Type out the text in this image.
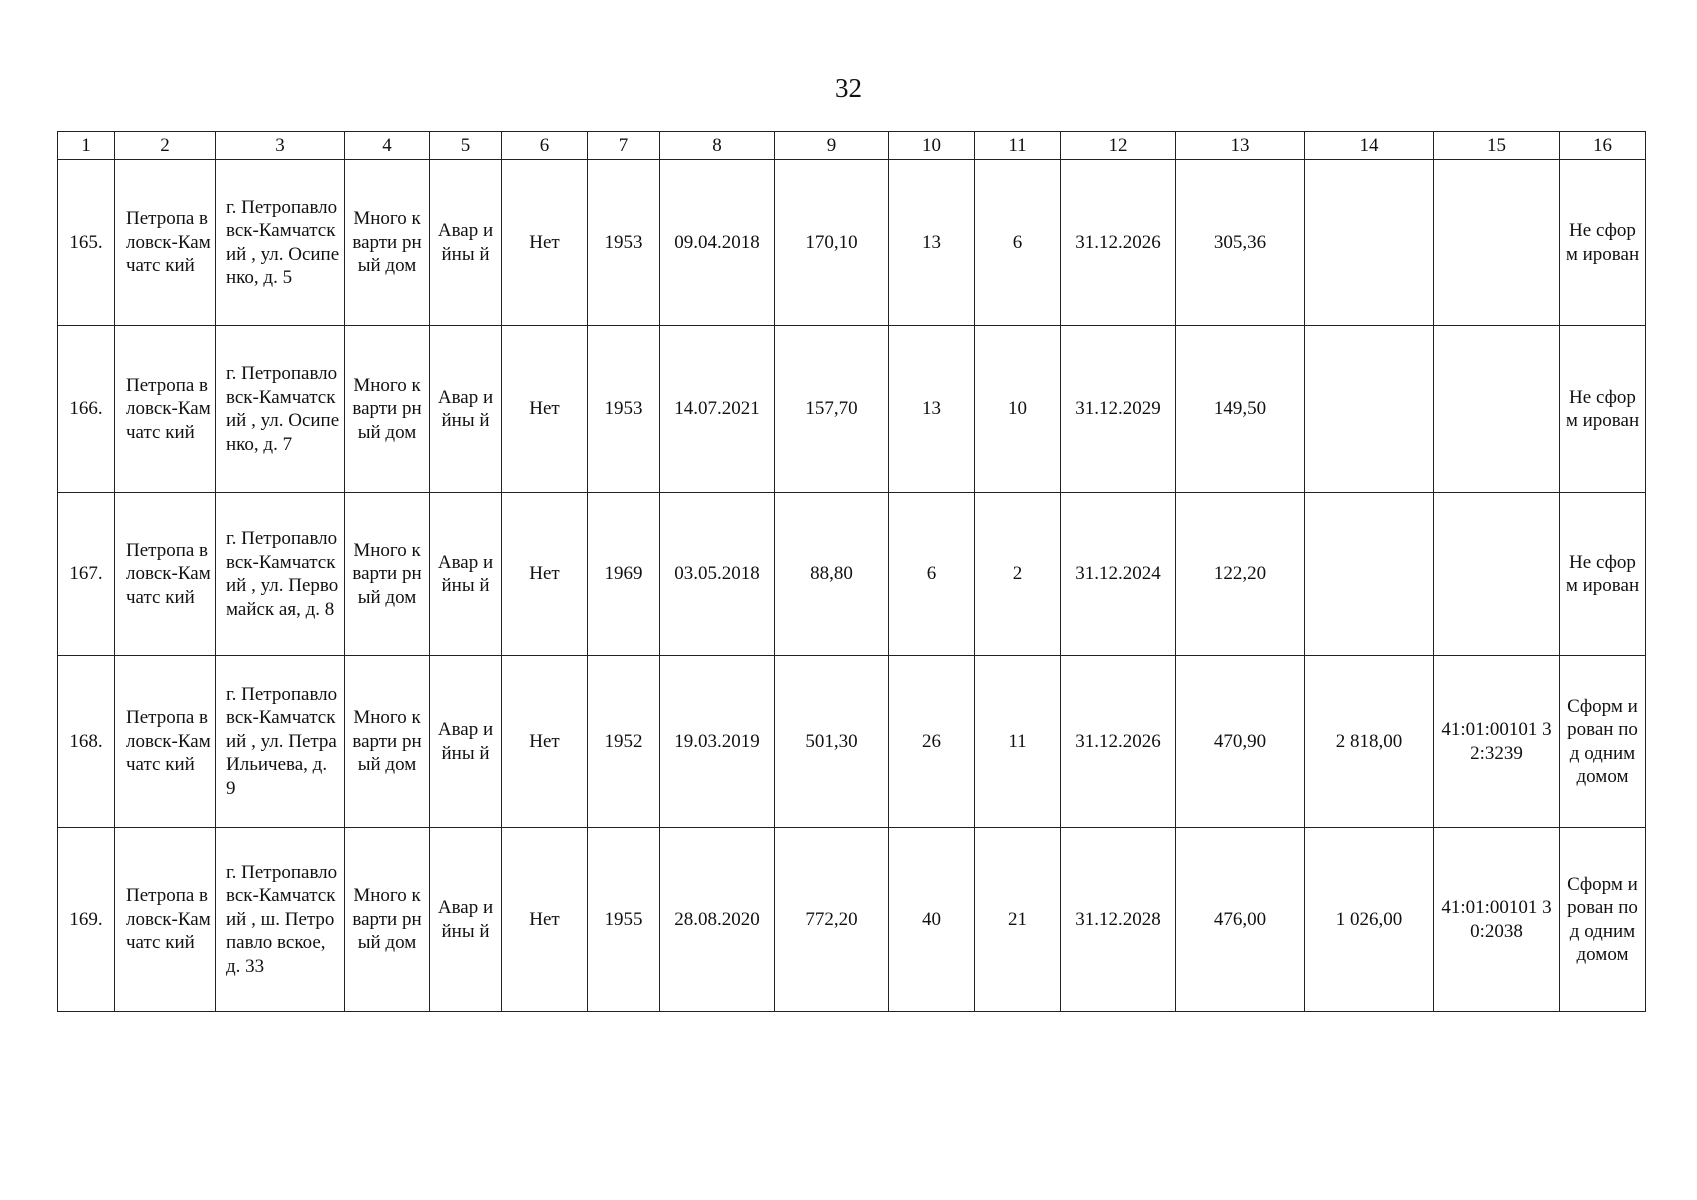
32
1	2	3	4	5	6	7	8	9	10	11	12	13	14	15	16
165.	Петропа вловск-Камчатс кий	г. Петропавло вск-Камчатский , ул. Осипенко, д. 5	Много кварти рный дом	Авар ийны й	Нет	1953	09.04.2018	170,10	13	6	31.12.2026	305,36			Не сформ ирован
166.	Петропа вловск-Камчатс кий	г. Петропавло вск-Камчатский , ул. Осипенко, д. 7	Много кварти рный дом	Авар ийны й	Нет	1953	14.07.2021	157,70	13	10	31.12.2029	149,50			Не сформ ирован
167.	Петропа вловск-Камчатс кий	г. Петропавло вск-Камчатский , ул. Первомайск ая, д. 8	Много кварти рный дом	Авар ийны й	Нет	1969	03.05.2018	88,80	6	2	31.12.2024	122,20			Не сформ ирован
168.	Петропа вловск-Камчатс кий	г. Петропавло вск-Камчатский , ул. Петра Ильичева, д. 9	Много кварти рный дом	Авар ийны й	Нет	1952	19.03.2019	501,30	26	11	31.12.2026	470,90	2 818,00	41:01:00101 32:3239	Сформ ирован под одним домом
169.	Петропа вловск-Камчатс кий	г. Петропавло вск-Камчатский , ш. Петропавло вское, д. 33	Много кварти рный дом	Авар ийны й	Нет	1955	28.08.2020	772,20	40	21	31.12.2028	476,00	1 026,00	41:01:00101 30:2038	Сформ ирован под одним домом
